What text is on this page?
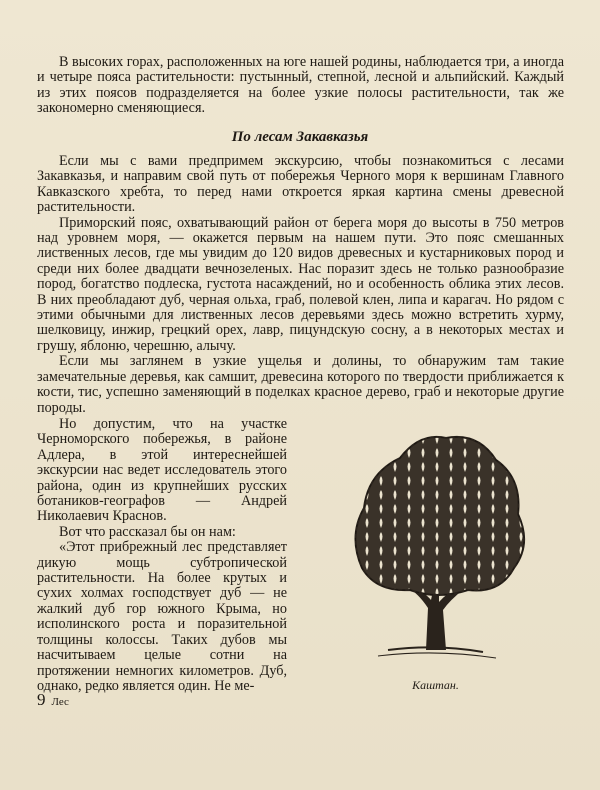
В высоких горах, расположенных на юге нашей родины, наблюдается три, а иногда и четыре пояса растительности: пустынный, степной, лесной и альпийский. Каждый из этих поясов подразделяется на более узкие полосы растительности, так же закономерно сменяющиеся.

По лесам Закавказья

Если мы с вами предпримем экскурсию, чтобы познакомиться с лесами Закавказья, и направим свой путь от побережья Черного моря к вершинам Главного Кавказского хребта, то перед нами откроется яркая картина смены древесной растительности.

Приморский пояс, охватывающий район от берега моря до высоты в 750 метров над уровнем моря, — окажется первым на нашем пути. Это пояс смешанных лиственных лесов, где мы увидим до 120 видов древесных и кустарниковых пород и среди них более двадцати вечнозеленых. Нас поразит здесь не только разнообразие пород, богатство подлеска, густота насаждений, но и особенность облика этих лесов. В них преобладают дуб, черная ольха, граб, полевой клен, липа и карагач. Но рядом с этими обычными для лиственных лесов деревьями здесь можно встретить хурму, шелковицу, инжир, грецкий орех, лавр, пицундскую сосну, а в некоторых местах и грушу, яблоню, черешню, алычу.

Если мы заглянем в узкие ущелья и долины, то обнаружим там такие замечательные деревья, как самшит, древесина которого по твердости приближается к кости, тис, успешно заменяющий в поделках красное дерево, граб и некоторые другие породы.

Но допустим, что на участке Черноморского побережья, в районе Адлера, в этой интереснейшей экскурсии нас ведет исследователь этого района, один из крупнейших русских ботаников-географов — Андрей Николаевич Краснов.

Вот что рассказал бы он нам:

«Этот прибрежный лес представляет дикую мощь субтропической растительности. На более крутых и сухих холмах господствует дуб — не жалкий дуб гор южного Крыма, но исполинского роста и поразительной толщины колоссы. Таких дубов мы насчитываем целые сотни на протяжении немногих километров. Дуб, однако, редко является один. Не ме-	Каштан.
9 Лес
